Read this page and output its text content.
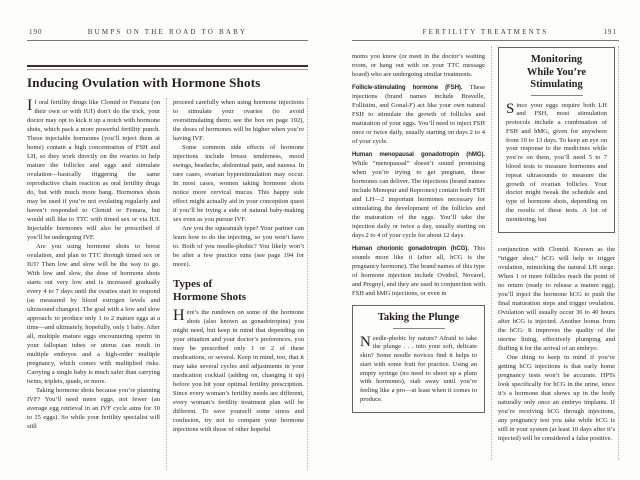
190	BUMPS ON THE ROAD TO BABY
Inducing Ovulation with Hormone Shots

If oral fertility drugs like Clomid or Femara (on their own or with IUI) don’t do the trick, your doctor may opt to kick it up a notch with hormone shots, which pack a more powerful fertility punch. These injectable hormones (you’ll inject them at home) contain a high concentration of FSH and LH, so they work directly on the ovaries to help mature the follicles and eggs and stimulate ovulation—basically triggering the same reproductive chain reaction as oral fertility drugs do, but with much more bang. Hormones shots may be used if you’re not ovulating regularly and haven’t responded to Clomid or Femara, but would still like to TTC with timed sex or via IUI. Injectable hormones will also be prescribed if you’ll be undergoing IVF.

Are you using hormone shots to boost ovulation, and plan to TTC through timed sex or IUI? Then low and slow will be the way to go. With low and slow, the dose of hormone shots starts out very low and is increased gradually every 4 to 7 days until the ovaries start to respond (as measured by blood estrogen levels and ultrasound changes). The goal with a low and slow approach: to produce only 1 to 2 mature eggs at a time—and ultimately, hopefully, only 1 baby. After all, multiple mature eggs encountering sperm in your fallopian tubes or uterus can result in multiple embryos and a high-order multiple pregnancy, which comes with multiplied risks. Carrying a single baby is much safer than carrying twins, triplets, quads, or more.

Taking hormone shots because you’re planning IVF? You’ll need more eggs, not fewer (an average egg retrieval in an IVF cycle aims for 10 to 15 eggs). So while your fertility specialist will still

proceed carefully when using hormone injections to stimulate your ovaries (to avoid overstimulating them; see the box on page 192), the doses of hormones will be higher when you’re having IVF.

Some common side effects of hormone injections include breast tenderness, mood swings, headache, abdominal pain, and nausea. In rare cases, ovarian hyperstimulation may occur. In most cases, women taking hormone shots notice more cervical mucus. This happy side effect might actually aid in your conception quest if you’ll be trying a side of natural baby-making sex even as you pursue IVF.

Are you the squeamish type? Your partner can learn how to do the injecting, so you won’t have to. Both of you needle-phobic? You likely won’t be after a few practice runs (see page 194 for more).

Types of
Hormone Shots

Here’s the rundown on some of the hormone shots (also known as gonadotropins) you might need, but keep in mind that depending on your situation and your doctor’s preferences, you may be prescribed only 1 or 2 of these medications, or several. Keep in mind, too, that it may take several cycles and adjustments in your medication cocktail (adding on, changing it up) before you hit your optimal fertility prescription. Since every woman’s fertility needs are different, every woman’s fertility treatment plan will be different. To save yourself some stress and confusion, try not to compare your hormone injections with those of other hopeful

FERTILITY TREATMENTS	191

moms you know (or meet in the doctor’s waiting room, or hang out with on your TTC message board) who are undergoing similar treatments.

Follicle-stimulating hormone (FSH). These injections (brand names include Bravelle, Follistim, and Gonal-F) act like your own natural FSH to stimulate the growth of follicles and maturation of your eggs. You’ll need to inject FSH once or twice daily, usually starting on days 2 to 4 of your cycle.

Human menopausal gonadotropin (hMG). While “menopausal” doesn’t sound promising when you’re trying to get pregnant, these hormones can deliver. The injections (brand names include Menopur and Repronex) contain both FSH and LH—2 important hormones necessary for stimulating the development of the follicles and the maturation of the eggs. You’ll take the injection daily or twice a day, usually starting on days 2 to 4 of your cycle for about 12 days.

Human chorionic gonadotropin (hCG). This sounds more like it (after all, hCG is the pregnancy hormone). The brand names of this type of hormone injection include Ovidrel, Novarel, and Pregnyl, and they are used in conjunction with FSH and hMG injections, or even in

Taking the Plunge

Needle-phobic by nature? Afraid to take the plunge . . . into your soft, delicate skin? Some needle novices find it helps to start with some fruit for practice. Using an empty syringe (no need to shoot up a plum with hormones), stab away until you’re feeling like a pro—at least when it comes to produce.

Monitoring
While You’re
Stimulating

Since your eggs require both LH and FSH, most stimulation protocols include a combination of FSH and hMG, given for anywhere from 10 to 13 days. To keep an eye on your response to the medicines while you’re on them, you’ll need 5 to 7 blood tests to measure hormones and repeat ultrasounds to measure the growth of ovarian follicles. Your doctor might tweak the schedule and type of hormone shots, depending on the results of these tests. A lot of monitoring, but

conjunction with Clomid. Known as the “trigger shot,” hCG will help to trigger ovulation, mimicking the natural LH surge. When 1 or more follicles reach the point of no return (ready to release a mature egg), you’ll inject the hormone hCG to push the final maturation steps and trigger ovulation. Ovulation will usually occur 36 to 40 hours after hCG is injected. Another bonus from the hCG: It improves the quality of the uterine lining, effectively plumping and fluffing it for the arrival of an embryo.

One thing to keep in mind if you’re getting hCG injections is that early home pregnancy tests won’t be accurate. HPTs look specifically for hCG in the urine, since it’s a hormone that shows up in the body naturally only once an embryo implants. If you’re receiving hCG through injections, any pregnancy test you take while hCG is still in your system (at least 10 days after it’s injected) will be considered a false positive.
